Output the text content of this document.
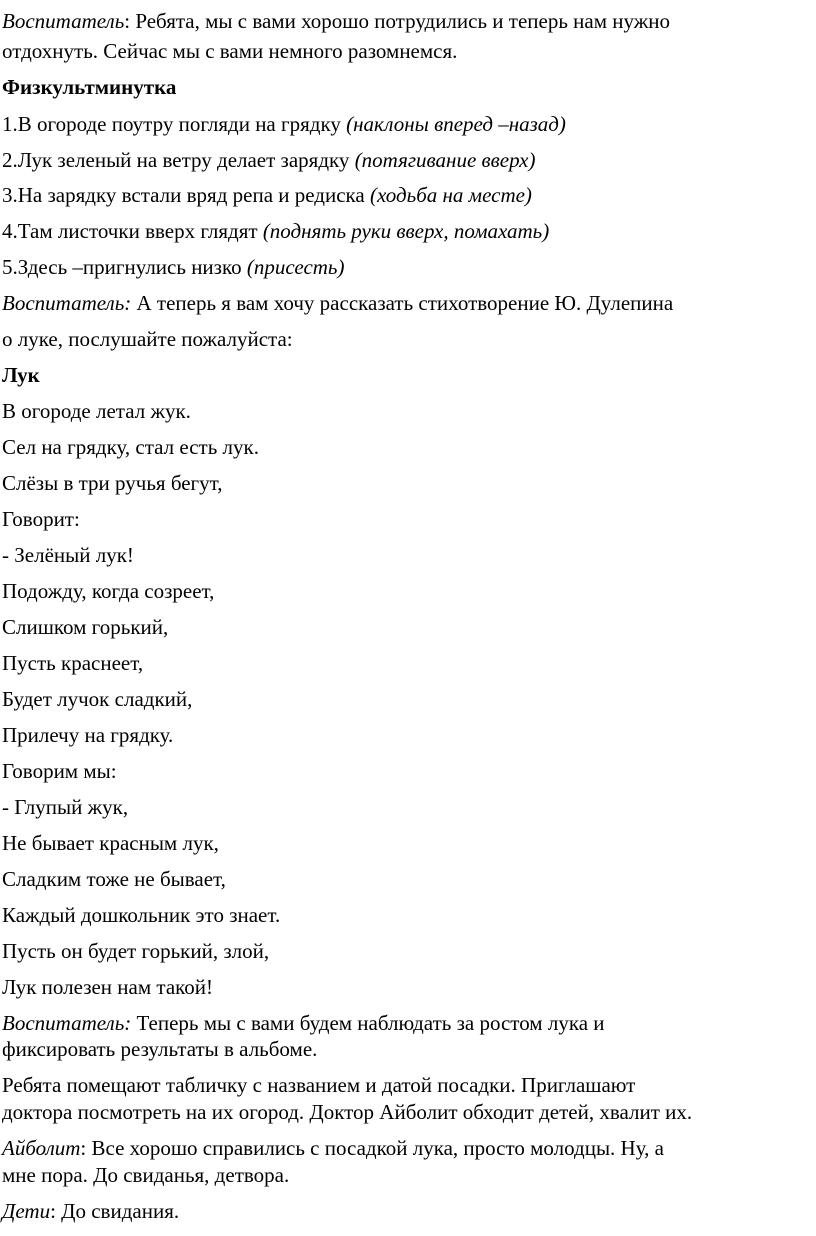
Воспитатель: Ребята, мы с вами хорошо потрудились и теперь нам нужно

отдохнуть. Сейчас мы с вами немного разомнемся.

Физкультминутка

1.В огороде поутру погляди на грядку (наклоны вперед –назад)

2.Лук зеленый на ветру делает зарядку (потягивание вверх)

3.На зарядку встали вряд репа и редиска (ходьба на месте)

4.Там листочки вверх глядят (поднять руки вверх, помахать)

5.Здесь –пригнулись низко (присесть)

Воспитатель: А теперь я вам хочу рассказать стихотворение Ю. Дулепина

о луке, послушайте пожалуйста:

Лук

В огороде летал жук.

Сел на грядку, стал есть лук.

Слёзы в три ручья бегут,

Говорит:

- Зелёный лук!

Подожду, когда созреет,

Слишком горький,

Пусть краснеет,

Будет лучок сладкий,

Прилечу на грядку.

Говорим мы:

- Глупый жук,

Не бывает красным лук,

Сладким тоже не бывает,

Каждый дошкольник это знает.

Пусть он будет горький, злой,

Лук полезен нам такой!

Воспитатель: Теперь мы с вами будем наблюдать за ростом лука и

фиксировать результаты в альбоме.

Ребята помещают табличку с названием и датой посадки. Приглашают

доктора посмотреть на их огород. Доктор Айболит обходит детей, хвалит их.

Айболит: Все хорошо справились с посадкой лука, просто молодцы. Ну, а

мне пора. До свиданья, детвора.

Дети: До свидания.
